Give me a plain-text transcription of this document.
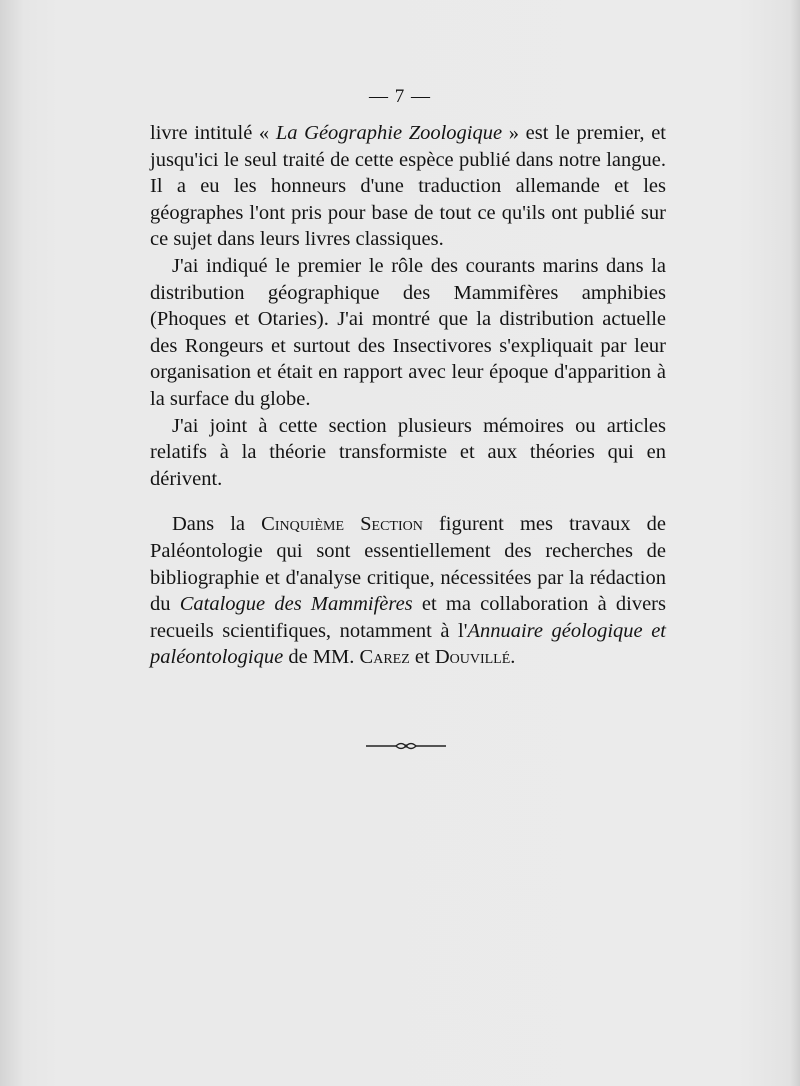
— 7 —

livre intitulé « La Géographie Zoologique » est le premier, et jusqu'ici le seul traité de cette espèce publié dans notre langue. Il a eu les honneurs d'une traduction allemande et les géographes l'ont pris pour base de tout ce qu'ils ont publié sur ce sujet dans leurs livres classiques.

J'ai indiqué le premier le rôle des courants marins dans la distribution géographique des Mammifères amphibies (Phoques et Otaries). J'ai montré que la distribution actuelle des Rongeurs et surtout des Insectivores s'expliquait par leur organisation et était en rapport avec leur époque d'apparition à la surface du globe.

J'ai joint à cette section plusieurs mémoires ou articles relatifs à la théorie transformiste et aux théories qui en dérivent.

Dans la Cinquième Section figurent mes travaux de Paléontologie qui sont essentiellement des recherches de bibliographie et d'analyse critique, nécessitées par la rédaction du Catalogue des Mammifères et ma collaboration à divers recueils scientifiques, notamment à l'Annuaire géologique et paléontologique de MM. Carez et Douvillé.
